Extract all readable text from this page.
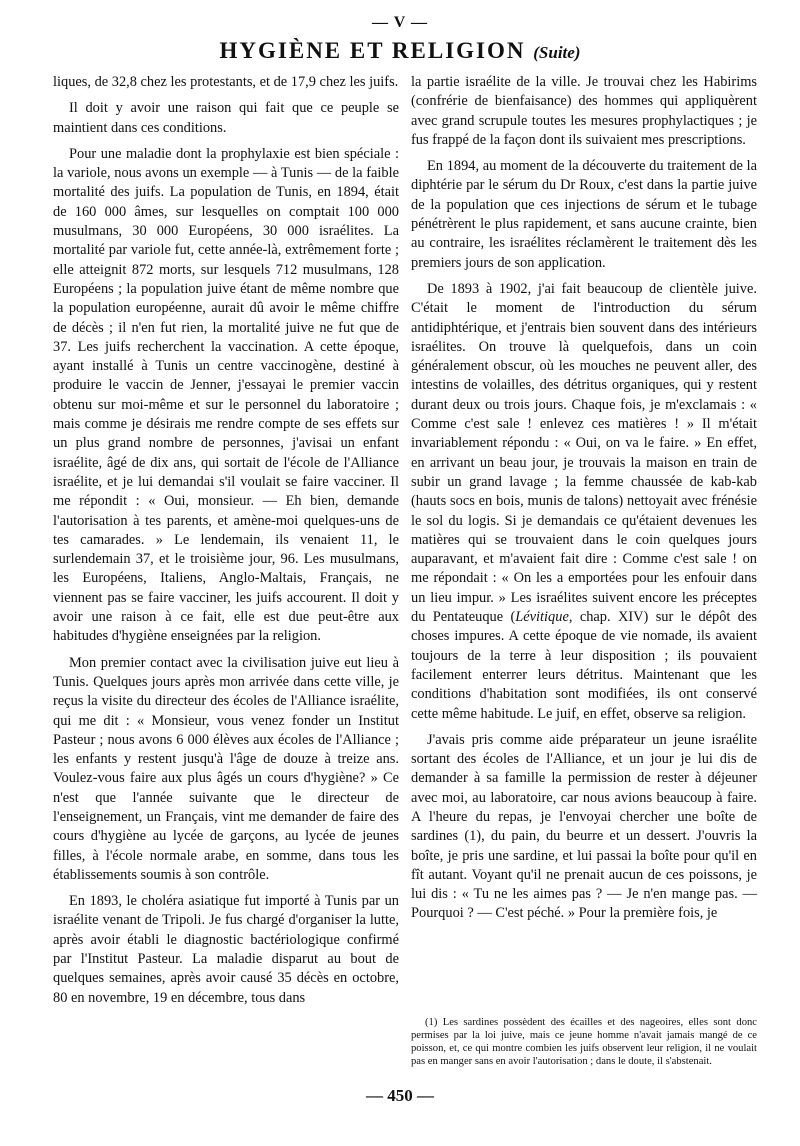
— V —
HYGIÈNE ET RELIGION (Suite)

liques, de 32,8 chez les protestants, et de 17,9 chez les juifs.

Il doit y avoir une raison qui fait que ce peuple se maintient dans ces conditions.

Pour une maladie dont la prophylaxie est bien spéciale : la variole, nous avons un exemple — à Tunis — de la faible mortalité des juifs. La population de Tunis, en 1894, était de 160 000 âmes, sur lesquelles on comptait 100 000 musulmans, 30 000 Européens, 30 000 israélites. La mortalité par variole fut, cette année-là, extrêmement forte ; elle atteignit 872 morts, sur lesquels 712 musulmans, 128 Européens ; la population juive étant de même nombre que la population européenne, aurait dû avoir le même chiffre de décès ; il n'en fut rien, la mortalité juive ne fut que de 37. Les juifs recherchent la vaccination. A cette époque, ayant installé à Tunis un centre vaccinogène, destiné à produire le vaccin de Jenner, j'essayai le premier vaccin obtenu sur moi-même et sur le personnel du laboratoire ; mais comme je désirais me rendre compte de ses effets sur un plus grand nombre de personnes, j'avisai un enfant israélite, âgé de dix ans, qui sortait de l'école de l'Alliance israélite, et je lui demandai s'il voulait se faire vacciner. Il me répondit : « Oui, monsieur. — Eh bien, demande l'autorisation à tes parents, et amène-moi quelques-uns de tes camarades. » Le lendemain, ils venaient 11, le surlendemain 37, et le troisième jour, 96. Les musulmans, les Européens, Italiens, Anglo-Maltais, Français, ne viennent pas se faire vacciner, les juifs accourent. Il doit y avoir une raison à ce fait, elle est due peut-être aux habitudes d'hygiène enseignées par la religion.

Mon premier contact avec la civilisation juive eut lieu à Tunis. Quelques jours après mon arrivée dans cette ville, je reçus la visite du directeur des écoles de l'Alliance israélite, qui me dit : « Monsieur, vous venez fonder un Institut Pasteur ; nous avons 6 000 élèves aux écoles de l'Alliance ; les enfants y restent jusqu'à l'âge de douze à treize ans. Voulez-vous faire aux plus âgés un cours d'hygiène? » Ce n'est que l'année suivante que le directeur de l'enseignement, un Français, vint me demander de faire des cours d'hygiène au lycée de garçons, au lycée de jeunes filles, à l'école normale arabe, en somme, dans tous les établissements soumis à son contrôle.

En 1893, le choléra asiatique fut importé à Tunis par un israélite venant de Tripoli. Je fus chargé d'organiser la lutte, après avoir établi le diagnostic bactériologique confirmé par l'Institut Pasteur. La maladie disparut au bout de quelques semaines, après avoir causé 35 décès en octobre, 80 en novembre, 19 en décembre, tous dans

la partie israélite de la ville. Je trouvai chez les Habirims (confrérie de bienfaisance) des hommes qui appliquèrent avec grand scrupule toutes les mesures prophylactiques ; je fus frappé de la façon dont ils suivaient mes prescriptions.

En 1894, au moment de la découverte du traitement de la diphtérie par le sérum du Dr Roux, c'est dans la partie juive de la population que ces injections de sérum et le tubage pénétrèrent le plus rapidement, et sans aucune crainte, bien au contraire, les israélites réclamèrent le traitement dès les premiers jours de son application.

De 1893 à 1902, j'ai fait beaucoup de clientèle juive. C'était le moment de l'introduction du sérum antidiphtérique, et j'entrais bien souvent dans des intérieurs israélites. On trouve là quelquefois, dans un coin généralement obscur, où les mouches ne peuvent aller, des intestins de volailles, des détritus organiques, qui y restent durant deux ou trois jours. Chaque fois, je m'exclamais : « Comme c'est sale ! enlevez ces matières ! » Il m'était invariablement répondu : « Oui, on va le faire. » En effet, en arrivant un beau jour, je trouvais la maison en train de subir un grand lavage ; la femme chaussée de kab-kab (hauts socs en bois, munis de talons) nettoyait avec frénésie le sol du logis. Si je demandais ce qu'étaient devenues les matières qui se trouvaient dans le coin quelques jours auparavant, et m'avaient fait dire : Comme c'est sale ! on me répondait : « On les a emportées pour les enfouir dans un lieu impur. » Les israélites suivent encore les préceptes du Pentateuque (Lévitique, chap. XIV) sur le dépôt des choses impures. A cette époque de vie nomade, ils avaient toujours de la terre à leur disposition ; ils pouvaient facilement enterrer leurs détritus. Maintenant que les conditions d'habitation sont modifiées, ils ont conservé cette même habitude. Le juif, en effet, observe sa religion.

J'avais pris comme aide préparateur un jeune israélite sortant des écoles de l'Alliance, et un jour je lui dis de demander à sa famille la permission de rester à déjeuner avec moi, au laboratoire, car nous avions beaucoup à faire. A l'heure du repas, je l'envoyai chercher une boîte de sardines (1), du pain, du beurre et un dessert. J'ouvris la boîte, je pris une sardine, et lui passai la boîte pour qu'il en fît autant. Voyant qu'il ne prenait aucun de ces poissons, je lui dis : « Tu ne les aimes pas ? — Je n'en mange pas. — Pourquoi ? — C'est péché. » Pour la première fois, je

(1) Les sardines possèdent des écailles et des nageoires, elles sont donc permises par la loi juive, mais ce jeune homme n'avait jamais mangé de ce poisson, et, ce qui montre combien les juifs observent leur religion, il ne voulait pas en manger sans en avoir l'autorisation ; dans le doute, il s'abstenait.

— 450 —
